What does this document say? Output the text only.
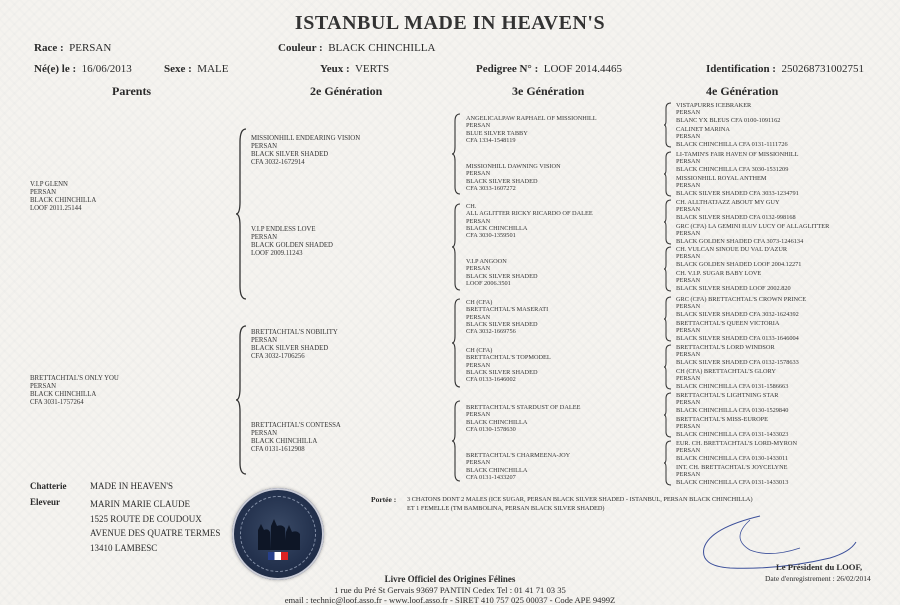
ISTANBUL MADE IN HEAVEN'S
Race : PERSAN	Couleur : BLACK CHINCHILLA
Né(e) le : 16/06/2013	Sexe : MALE	Yeux : VERTS	Pedigree N° : LOOF 2014.4465	Identification : 250268731002751
Parents	2e Génération	3e Génération	4e Génération
V.I.P GLENN
PERSAN
BLACK CHINCHILLA
LOOF 2011.25144
BRETTACHTAL'S ONLY YOU
PERSAN
BLACK CHINCHILLA
CFA 3031-1757264
MISSIONHILL ENDEARING VISION
PERSAN
BLACK SILVER SHADED
CFA 3032-1672914
V.I.P ENDLESS LOVE
PERSAN
BLACK GOLDEN SHADED
LOOF 2009.11243
BRETTACHTAL'S NOBILITY
PERSAN
BLACK SILVER SHADED
CFA 3032-1706256
BRETTACHTAL'S CONTESSA
PERSAN
BLACK CHINCHILLA
CFA 0131-1612908
ANGELICALPAW RAPHAEL OF MISSIONHILL
PERSAN
BLUE SILVER TABBY
CFA 1334-1548119
MISSIONHILL DAWNING VISION
PERSAN
BLACK SILVER SHADED
CFA 3033-1607272
CH.
ALL AGLITTER RICKY RICARDO OF DALEE
PERSAN
BLACK CHINCHILLA
CFA 3030-1359501
V.I.P ANGOON
PERSAN
BLACK SILVER SHADED
LOOF 2006.3501
CH (CFA)
BRETTACHTAL'S MASERATI
PERSAN
BLACK SILVER SHADED
CFA 3032-1669756
CH (CFA)
BRETTACHTAL'S TOPMODEL
PERSAN
BLACK SILVER SHADED
CFA 0133-1646002
BRETTACHTAL'S STARDUST OF DALEE
PERSAN
BLACK CHINCHILLA
CFA 0130-1578630
BRETTACHTAL'S CHARMEENA-JOY
PERSAN
BLACK CHINCHILLA
CFA 0131-1433207
VISTAPURRS ICEBRAKER
PERSAN
BLANC YX BLEUS CFA 0100-1091162
CALINET MARINA
PERSAN
BLACK CHINCHILLA CFA 0131-1111726
LI-TAMIN'S FAIR HAVEN OF MISSIONHILL
PERSAN
BLACK CHINCHILLA CFA 3030-1531209
MISSIONHILL ROYAL ANTHEM
PERSAN
BLACK SILVER SHADED CFA 3033-1234791
CH. ALLTHATJAZZ ABOUT MY GUY
PERSAN
BLACK SILVER SHADED CFA 0132-998168
GRC (CFA) LA GEMINI ILUV LUCY OF ALLAGLITTER
PERSAN
BLACK GOLDEN SHADED CFA 3073-1246134
CH. VULCAN SINOUE DU VAL D'AZUR
PERSAN
BLACK GOLDEN SHADED LOOF 2004.12271
CH. V.I.P. SUGAR BABY LOVE
PERSAN
BLACK SILVER SHADED LOOF 2002.820
GRC (CFA) BRETTACHTAL'S CROWN PRINCE
PERSAN
BLACK SILVER SHADED CFA 3032-1624392
BRETTACHTAL'S QUEEN VICTORIA
PERSAN
BLACK SILVER SHADED CFA 0133-1646004
BRETTACHTAL'S LORD WINDSOR
PERSAN
BLACK SILVER SHADED CFA 0132-1578633
CH (CFA) BRETTACHTAL'S GLORY
PERSAN
BLACK CHINCHILLA CFA 0131-1586663
BRETTACHTAL'S LIGHTNING STAR
PERSAN
BLACK CHINCHILLA CFA 0130-1529840
BRETTACHTAL'S MISS-EUROPE
PERSAN
BLACK CHINCHILLA CFA 0131-1433023
EUR. CH. BRETTACHTAL'S LORD-MYRON
PERSAN
BLACK CHINCHILLA CFA 0130-1433011
INT. CH. BRETTACHTAL'S JOYCELYNE
PERSAN
BLACK CHINCHILLA CFA 0131-1433013
Chatterie	MADE IN HEAVEN'S
Eleveur	MARIN MARIE CLAUDE
1525 ROUTE DE COUDOUX
AVENUE DES QUATRE TERMES
13410 LAMBESC
Portée : 3 CHATONS DONT 2 MALES (ICE SUGAR, PERSAN BLACK SILVER SHADED - ISTANBUL, PERSAN BLACK CHINCHILLA)
ET 1 FEMELLE (TM BAMBOLINA, PERSAN BLACK SILVER SHADED)
Le Président du LOOF,
Date d'enregistrement : 26/02/2014
Livre Officiel des Origines Félines
1 rue du Pré St Gervais 93697 PANTIN Cedex Tel : 01 41 71 03 35
email : technic@loof.asso.fr - www.loof.asso.fr - SIRET 410 757 025 00037 - Code APE 9499Z
